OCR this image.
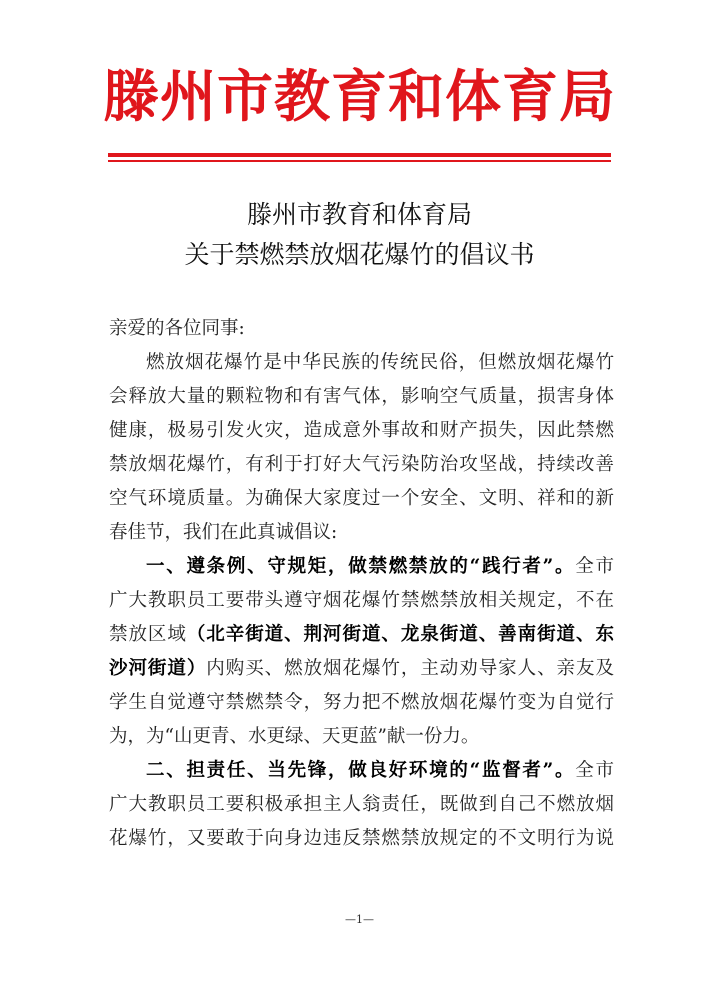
滕州市教育和体育局
滕州市教育和体育局
关于禁燃禁放烟花爆竹的倡议书
亲爱的各位同事:
燃放烟花爆竹是中华民族的传统民俗，但燃放烟花爆竹
会释放大量的颗粒物和有害气体，影响空气质量，损害身体
健康，极易引发火灾，造成意外事故和财产损失，因此禁燃
禁放烟花爆竹，有利于打好大气污染防治攻坚战，持续改善
空气环境质量。为确保大家度过一个安全、文明、祥和的新
春佳节，我们在此真诚倡议:
一、遵条例、守规矩，做禁燃禁放的“践行者”。全市
广大教职员工要带头遵守烟花爆竹禁燃禁放相关规定，不在
禁放区域（北辛街道、荆河街道、龙泉街道、善南街道、东
沙河街道）内购买、燃放烟花爆竹，主动劝导家人、亲友及
学生自觉遵守禁燃禁令，努力把不燃放烟花爆竹变为自觉行
为，为“山更青、水更绿、天更蓝”献一份力。
二、担责任、当先锋，做良好环境的“监督者”。全市
广大教职员工要积极承担主人翁责任，既做到自己不燃放烟
花爆竹，又要敢于向身边违反禁燃禁放规定的不文明行为说
—1—
